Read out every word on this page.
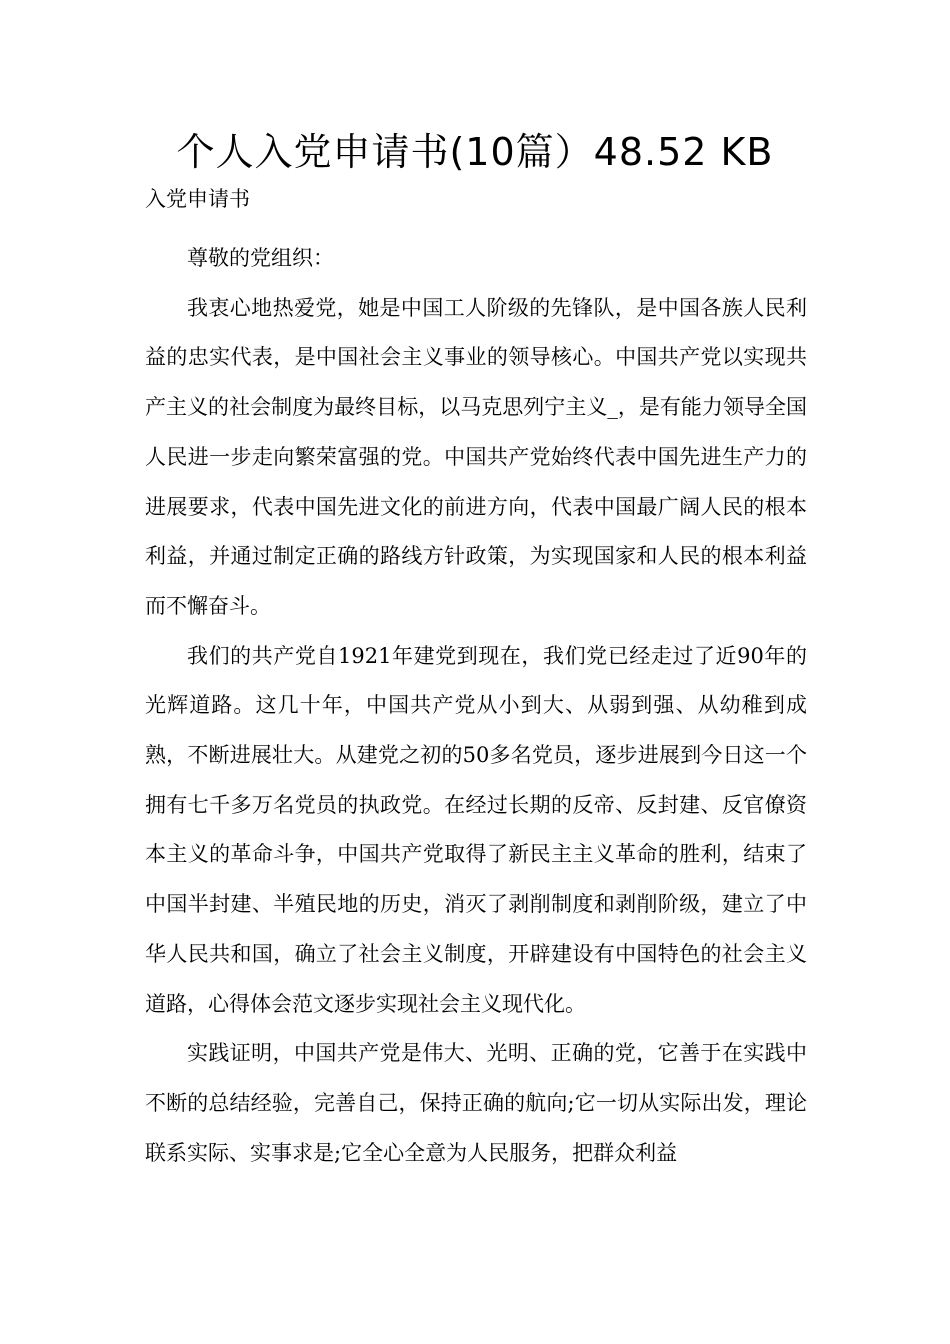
个人入党申请书(10篇）48.52 KB
入党申请书

尊敬的党组织：

我衷心地热爱党，她是中国工人阶级的先锋队，是中国各族人民利益的忠实代表，是中国社会主义事业的领导核心。中国共产党以实现共产主义的社会制度为最终目标，以马克思列宁主义_，是有能力领导全国人民进一步走向繁荣富强的党。中国共产党始终代表中国先进生产力的进展要求，代表中国先进文化的前进方向，代表中国最广阔人民的根本利益，并通过制定正确的路线方针政策，为实现国家和人民的根本利益而不懈奋斗。

我们的共产党自1921年建党到现在，我们党已经走过了近90年的光辉道路。这几十年，中国共产党从小到大、从弱到强、从幼稚到成熟，不断进展壮大。从建党之初的50多名党员，逐步进展到今日这一个拥有七千多万名党员的执政党。在经过长期的反帝、反封建、反官僚资本主义的革命斗争，中国共产党取得了新民主主义革命的胜利，结束了中国半封建、半殖民地的历史，消灭了剥削制度和剥削阶级，建立了中华人民共和国，确立了社会主义制度，开辟建设有中国特色的社会主义道路，心得体会范文逐步实现社会主义现代化。

实践证明，中国共产党是伟大、光明、正确的党，它善于在实践中不断的总结经验，完善自己，保持正确的航向;它一切从实际出发，理论联系实际、实事求是;它全心全意为人民服务，把群众利益
